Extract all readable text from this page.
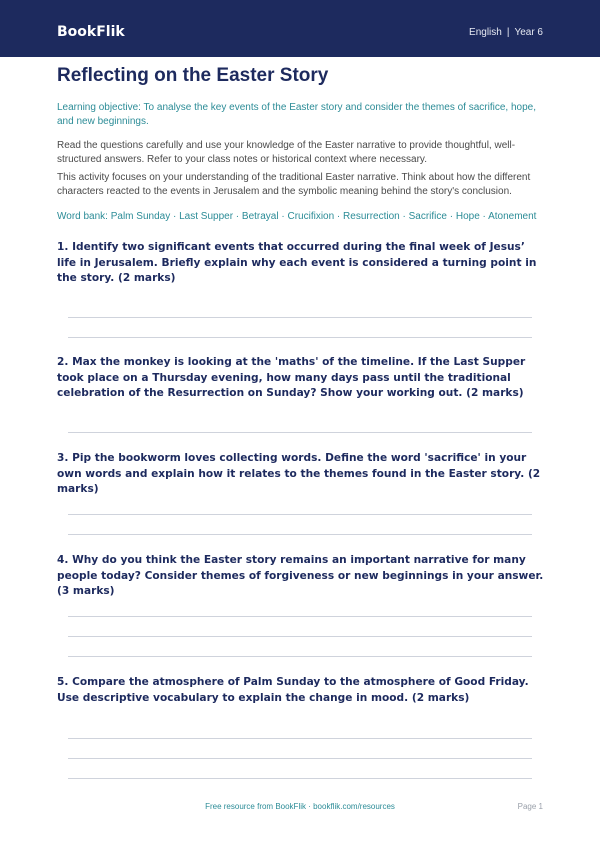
BookFlik	English | Year 6
Reflecting on the Easter Story

Learning objective: To analyse the key events of the Easter story and consider the themes of sacrifice, hope, and new beginnings.

Read the questions carefully and use your knowledge of the Easter narrative to provide thoughtful, well-structured answers. Refer to your class notes or historical context where necessary.

This activity focuses on your understanding of the traditional Easter narrative. Think about how the different characters reacted to the events in Jerusalem and the symbolic meaning behind the story's conclusion.

Word bank: Palm Sunday · Last Supper · Betrayal · Crucifixion · Resurrection · Sacrifice · Hope · Atonement

1. Identify two significant events that occurred during the final week of Jesus’ life in Jerusalem. Briefly explain why each event is considered a turning point in the story. (2 marks)

2. Max the monkey is looking at the 'maths' of the timeline. If the Last Supper took place on a Thursday evening, how many days pass until the traditional celebration of the Resurrection on Sunday? Show your working out. (2 marks)

3. Pip the bookworm loves collecting words. Define the word 'sacrifice' in your own words and explain how it relates to the themes found in the Easter story. (2 marks)

4. Why do you think the Easter story remains an important narrative for many people today? Consider themes of forgiveness or new beginnings in your answer. (3 marks)

5. Compare the atmosphere of Palm Sunday to the atmosphere of Good Friday. Use descriptive vocabulary to explain the change in mood. (2 marks)

Free resource from BookFlik · bookflik.com/resources	Page 1
